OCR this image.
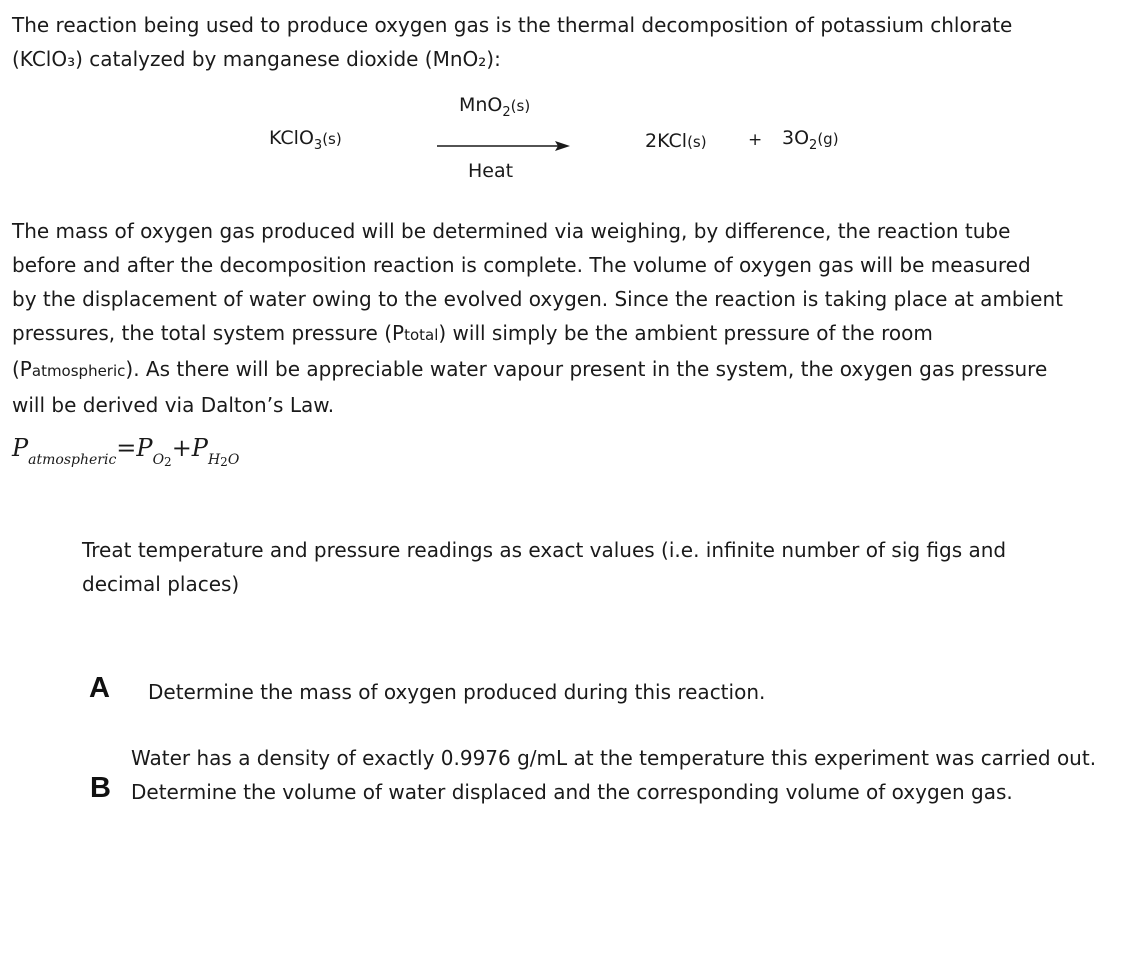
The reaction being used to produce oxygen gas is the thermal decomposition of potassium chlorate
(KClO₃) catalyzed by manganese dioxide (MnO₂):

MnO$_2$(s)
KClO$_3$(s)
Heat
$2KCl(s) + 3O_2(g)$

The mass of oxygen gas produced will be determined via weighing, by difference, the reaction tube
before and after the decomposition reaction is complete. The volume of oxygen gas will be measured
by the displacement of water owing to the evolved oxygen. Since the reaction is taking place at ambient
pressures, the total system pressure (Ptotal) will simply be the ambient pressure of the room
(Patmospheric). As there will be appreciable water vapour present in the system, the oxygen gas pressure
will be derived via Dalton’s Law.

$Patmospheric=PO_2+PH_2O$

Treat temperature and pressure readings as exact values (i.e. infinite number of sig figs and
decimal places)

A Determine the mass of oxygen produced during this reaction.
B
Water has a density of exactly 0.9976 g/mL at the temperature this experiment was carried out.
Determine the volume of water displaced and the corresponding volume of oxygen gas.
